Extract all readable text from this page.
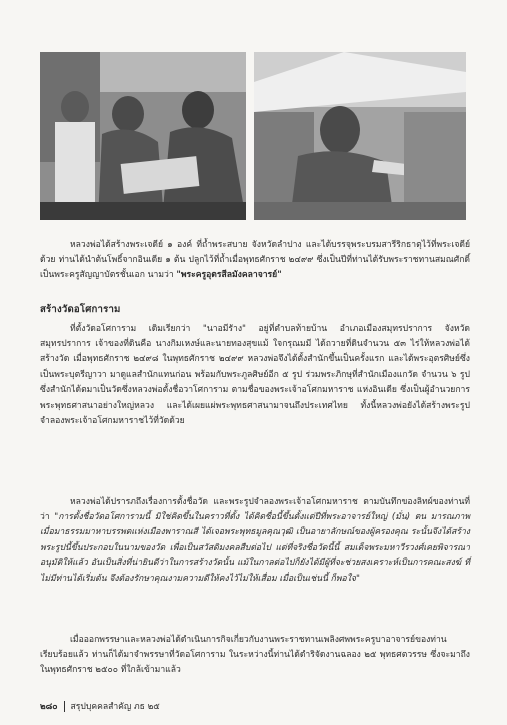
หลวงพ่อได้สร้างพระเจดีย์ ๑ องค์ ที่ถ้ำพระสบาย จังหวัดลำปาง และได้บรรจุพระบรมสารีริกธาตุไว้ที่พระเจดีย์ด้วย ท่านได้นำต้นโพธิ์จากอินเดีย ๑ ต้น ปลูกไว้ที่ถ้ำเมื่อพุทธศักราช ๒๔๙๙ ซึ่งเป็นปีที่ท่านได้รับพระราชทานสมณศักดิ์เป็นพระครูสัญญาบัตรชั้นเอก นามว่า "พระครูอุตรสีลมังคลาจารย์"

สร้างวัดอโศการาม

ที่ตั้งวัดอโศการาม เดิมเรียกว่า "นาอมีรัาง" อยู่ที่ตำบลท้ายบ้าน อำเภอเมืองสมุทรปราการ จังหวัดสมุทรปราการ เจ้าของที่ดินคือ นางกิมเหงษ์และนายทองสุขแม้ ใจกรุณมมี ได้ถวายที่ดินจำนวน ๕๓ ไร่ให้หลวงพ่อได้สร้างวัด เมื่อพุทธศักราช ๒๔๙๘ ในพุทธศักราช ๒๔๙๙ หลวงพ่อจึงได้ตั้งสำนักขึ้นเป็นครั้งแรก และได้พระอุตรศิษย์ซึ่งเป็นพระบุตรีญาวา มาดูแลสำนักแทนก่อน พร้อมกับพระภูลศิษย์อีก ๕ รูป ร่วมพระภิกษุที่สำนักเมืองแกวัด จำนวน ๖ รูป ซึ่งสำนักได้ตมาเป็นวัดซึ่งหลวงพ่อตั้งชื่อวาโศการาม ตามชื่อของพระเจ้าอโศกมหาราช แห่งอินเดีย ซึ่งเป็นผู้อำนวยการพระพุทธศาสนาอย่างใหญ่หลวง และได้เผยแผ่พระพุทธศาสนามาจนถึงประเทศไทย ทั้งนี้หลวงพ่อยังได้สร้างพระรูป จำลองพระเจ้าอโศกมหาราชไว้ที่วัดด้วย

หลวงพ่อได้ปรารภถึงเรื่องการตั้งชื่อวัด และพระรูปจำลองพระเจ้าอโศกมหาราช ตามบันทึกของลิทผ์ของท่านที่ว่า "การตั้งชื่อวัดอโศการามนี้ มิใช่คิดขึ้นในคราวที่ตั้ง ได้คิดชื่อนี้ขึ้นตั้งแต่ปีที่พระอาจารย์ใหญ่ (มั่น) ตน มารณภาพ เมื่อมาธรรมมาหาบรรพตแห่งเมืองพาราณสี ได้เจอพระพุทธมูลคุณวุฒิ เป็นอายาลักษณ์ของผู้ครองคุณ ระนั้นจึงได้สร้างพระรูปนี้ขึ้นประกอบในนามของวัด เพื่อเป็นสวัสดิมงคลสืบต่อไป แต่ที่จริงชื่อวัดนี้นี้ สมเด็จพระมหาวีรวงศ์เคยพิจารณาอนุมัติให้แล้ว อันเป็นสิ่งที่น่ายินดีว่าในการสร้างวัดนั้น แม้ในกาลต่อไปก็ยังได้มีผู้ที่จะช่วยสงเคราะห์เป็นการคณะสงฆ์ ที่ไม่มีท่านได้เริ่มต้น จึงต้องรักษาคุณงามความดีให้คงไว้ไม่ให้เสื่อม เมื่อเป็นเช่นนี้ ก็พอใจ"

เมื่อออกพรรษาและหลวงพ่อได้ดำเนินการกิจเกี่ยวกับงานพระราชทานเพลิงศพพระครูบาอาจารย์ของท่านเรียบร้อยแล้ว ท่านก็ได้มาจำพรรษาที่วัดอโศการาม ในระหว่างนี้ท่านได้ดำริจัดงานฉลอง ๒๕ พุทธศตวรรษ ซึ่งจะมาถึงในพุทธศักราช ๒๕๐๐ ที่ใกล้เข้ามาแล้ว

๒๘๐ สรุปบุคคลสำคัญ ภธ ๒๕
